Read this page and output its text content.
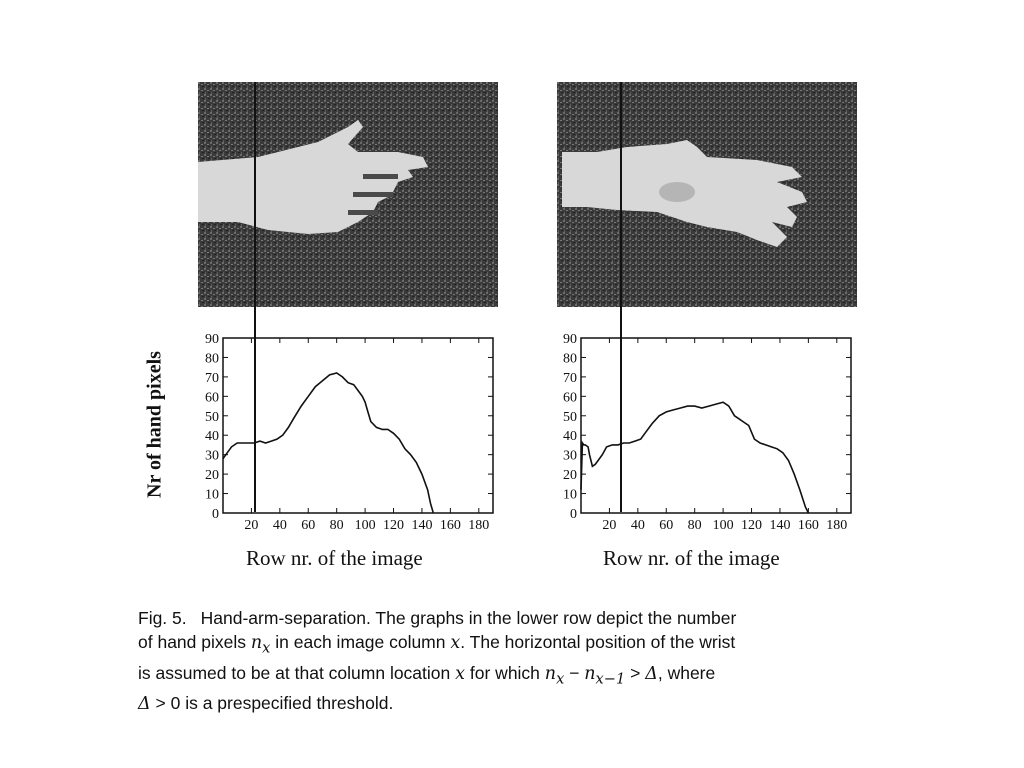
0
10
20
30
40
50
60
70
80
90
20 40 60 80 100 120 140 160 180
0
10
20
30
40
50
60
70
80
90
20 40 60 80 100 120 140 160 180
Nr of hand pixels
Row nr. of the image	Row nr. of the image
Fig. 5. Hand-arm-separation. The graphs in the lower row depict the number
of hand pixels $n_x$ in each image column x. The horizontal position of the wrist
is assumed to be at that column location x for which $n_x - n_{x-1} > \Delta$, where
Δ > 0 is a prespecified threshold.
